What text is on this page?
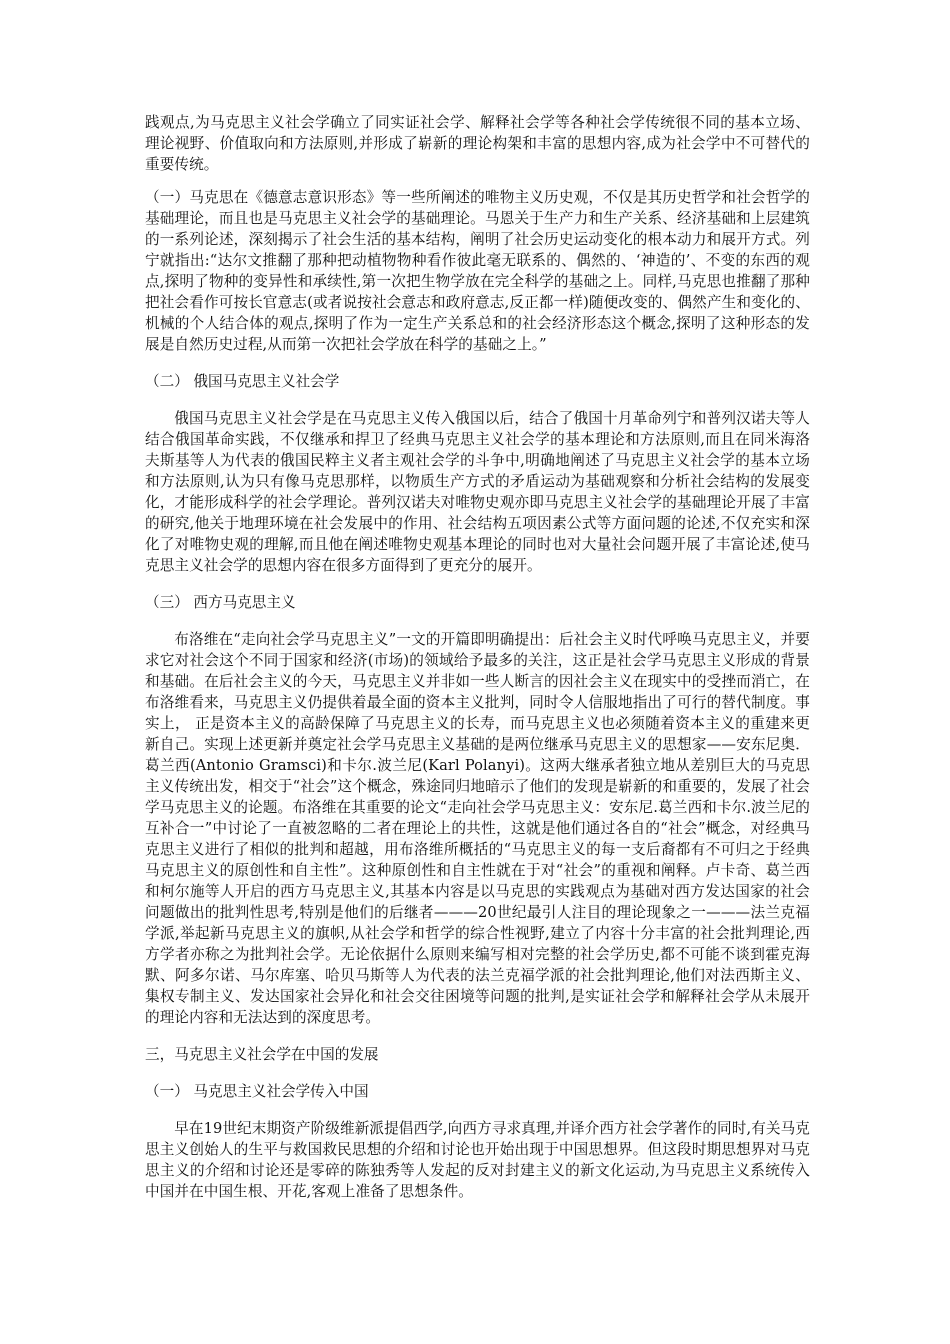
践观点,为马克思主义社会学确立了同实证社会学、解释社会学等各种社会学传统很不同的基本立场、理论视野、价值取向和方法原则,并形成了崭新的理论构架和丰富的思想内容,成为社会学中不可替代的重要传统。

（一）马克思在《德意志意识形态》等一些所阐述的唯物主义历史观，不仅是其历史哲学和社会哲学的基础理论，而且也是马克思主义社会学的基础理论。马恩关于生产力和生产关系、经济基础和上层建筑的一系列论述，深刻揭示了社会生活的基本结构，阐明了社会历史运动变化的根本动力和展开方式。列宁就指出:“达尔文推翻了那种把动植物物种看作彼此毫无联系的、偶然的、‘神造的’、不变的东西的观点,探明了物种的变异性和承续性,第一次把生物学放在完全科学的基础之上。同样,马克思也推翻了那种把社会看作可按长官意志(或者说按社会意志和政府意志,反正都一样)随便改变的、偶然产生和变化的、机械的个人结合体的观点,探明了作为一定生产关系总和的社会经济形态这个概念,探明了这种形态的发展是自然历史过程,从而第一次把社会学放在科学的基础之上。”

（二） 俄国马克思主义社会学

俄国马克思主义社会学是在马克思主义传入俄国以后，结合了俄国十月革命列宁和普列汉诺夫等人结合俄国革命实践，不仅继承和捍卫了经典马克思主义社会学的基本理论和方法原则,而且在同米海洛夫斯基等人为代表的俄国民粹主义者主观社会学的斗争中,明确地阐述了马克思主义社会学的基本立场和方法原则,认为只有像马克思那样，以物质生产方式的矛盾运动为基础观察和分析社会结构的发展变化，才能形成科学的社会学理论。普列汉诺夫对唯物史观亦即马克思主义社会学的基础理论开展了丰富的研究,他关于地理环境在社会发展中的作用、社会结构五项因素公式等方面问题的论述,不仅充实和深化了对唯物史观的理解,而且他在阐述唯物史观基本理论的同时也对大量社会问题开展了丰富论述,使马克思主义社会学的思想内容在很多方面得到了更充分的展开。

（三） 西方马克思主义

布洛维在“走向社会学马克思主义”一文的开篇即明确提出：后社会主义时代呼唤马克思主义，并要求它对社会这个不同于国家和经济(市场)的领域给予最多的关注，这正是社会学马克思主义形成的背景和基础。在后社会主义的今天，马克思主义并非如一些人断言的因社会主义在现实中的受挫而消亡，在布洛维看来，马克思主义仍提供着最全面的资本主义批判，同时令人信服地指出了可行的替代制度。事实上， 正是资本主义的高龄保障了马克思主义的长寿，而马克思主义也必须随着资本主义的重建来更新自己。实现上述更新并奠定社会学马克思主义基础的是两位继承马克思主义的思想家——安东尼奥．葛兰西(Antonio Gramsci)和卡尔.波兰尼(Karl Polanyi)。这两大继承者独立地从差别巨大的马克思主义传统出发，相交于“社会”这个概念，殊途同归地暗示了他们的发现是崭新的和重要的，发展了社会学马克思主义的论题。布洛维在其重要的论文“走向社会学马克思主义：安东尼.葛兰西和卡尔.波兰尼的互补合一”中讨论了一直被忽略的二者在理论上的共性，这就是他们通过各自的“社会”概念，对经典马克思主义进行了相似的批判和超越，用布洛维所概括的“马克思主义的每一支后裔都有不可归之于经典马克思主义的原创性和自主性”。这种原创性和自主性就在于对“社会”的重视和阐释。卢卡奇、葛兰西和柯尔施等人开启的西方马克思主义,其基本内容是以马克思的实践观点为基础对西方发达国家的社会问题做出的批判性思考,特别是他们的后继者———20世纪最引人注目的理论现象之一———法兰克福学派,举起新马克思主义的旗帜,从社会学和哲学的综合性视野,建立了内容十分丰富的社会批判理论,西方学者亦称之为批判社会学。无论依据什么原则来编写相对完整的社会学历史,都不可能不谈到霍克海默、阿多尔诺、马尔库塞、哈贝马斯等人为代表的法兰克福学派的社会批判理论,他们对法西斯主义、集权专制主义、发达国家社会异化和社会交往困境等问题的批判,是实证社会学和解释社会学从未展开的理论内容和无法达到的深度思考。

三，马克思主义社会学在中国的发展

（一） 马克思主义社会学传入中国

早在19世纪末期资产阶级维新派提倡西学,向西方寻求真理,并译介西方社会学著作的同时,有关马克思主义创始人的生平与救国救民思想的介绍和讨论也开始出现于中国思想界。但这段时期思想界对马克思主义的介绍和讨论还是零碎的陈独秀等人发起的反对封建主义的新文化运动,为马克思主义系统传入中国并在中国生根、开花,客观上准备了思想条件。
